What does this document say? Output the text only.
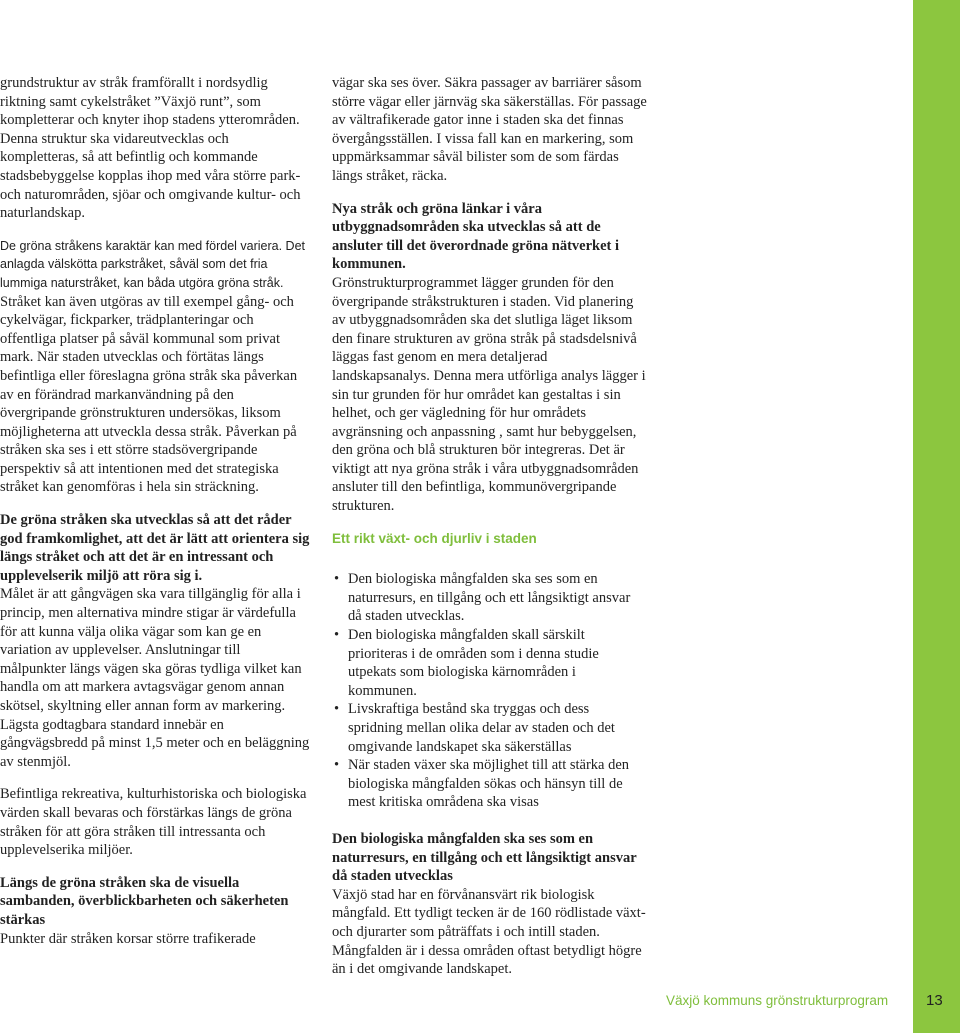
grundstruktur av stråk framförallt i nordsydlig riktning samt cykelstråket ”Växjö runt”, som kompletterar och knyter ihop stadens ytterområden. Denna struktur ska vidareutvecklas och kompletteras, så att befintlig och kommande stadsbebyggelse kopplas ihop med våra större park- och naturområden, sjöar och omgivande kultur- och naturlandskap.

De gröna stråkens karaktär kan med fördel variera. Det anlagda välskötta parkstråket, såväl som det fria lummiga naturstråket, kan båda utgöra gröna stråk. Stråket kan även utgöras av till exempel gång- och cykelvägar, fickparker, trädplanteringar och offentliga platser på såväl kommunal som privat mark. När staden utvecklas och förtätas längs befintliga eller föreslagna gröna stråk ska påverkan av en förändrad markanvändning på den övergripande grönstrukturen undersökas, liksom möjligheterna att utveckla dessa stråk. Påverkan på stråken ska ses i ett större stadsövergripande perspektiv så att intentionen med det strategiska stråket kan genomföras i hela sin sträckning.

De gröna stråken ska utvecklas så att det råder god framkomlighet, att det är lätt att orientera sig längs stråket och att det är en intressant och upplevelserik miljö att röra sig i.
Målet är att gångvägen ska vara tillgänglig för alla i princip, men alternativa mindre stigar är värdefulla för att kunna välja olika vägar som kan ge en variation av upplevelser. Anslutningar till målpunkter längs vägen ska göras tydliga vilket kan handla om att markera avtagsvägar genom annan skötsel, skyltning eller annan form av markering. Lägsta godtagbara standard innebär en gångvägsbredd på minst 1,5 meter och en beläggning av stenmjöl.

Befintliga rekreativa, kulturhistoriska och biologiska värden skall bevaras och förstärkas längs de gröna stråken för att göra stråken till intressanta och upplevelserika miljöer.

Längs de gröna stråken ska de visuella sambanden, överblickbarheten och säkerheten stärkas
Punkter där stråken korsar större trafikerade

vägar ska ses över. Säkra passager av barriärer såsom större vägar eller järnväg ska säkerställas. För passage av vältrafikerade gator inne i staden ska det finnas övergångsställen. I vissa fall kan en markering, som uppmärksammar såväl bilister som de som färdas längs stråket, räcka.

Nya stråk och gröna länkar i våra utbyggnadsområden ska utvecklas så att de ansluter till det överordnade gröna nätverket i kommunen.
Grönstrukturprogrammet lägger grunden för den övergripande stråkstrukturen i staden. Vid planering av utbyggnadsområden ska det slutliga läget liksom den finare strukturen av gröna stråk på stadsdelsnivå läggas fast genom en mera detaljerad landskapsanalys. Denna mera utförliga analys lägger i sin tur grunden för hur området kan gestaltas i sin helhet, och ger vägledning för hur områdets avgränsning och anpassning , samt hur bebyggelsen, den gröna och blå strukturen bör integreras. Det är viktigt att nya gröna stråk i våra utbyggnadsområden ansluter till den befintliga, kommunövergripande strukturen.

Ett rikt växt- och djurliv i staden
• Den biologiska mångfalden ska ses som en naturresurs, en tillgång och ett långsiktigt ansvar då staden utvecklas.
• Den biologiska mångfalden skall särskilt prioriteras i de områden som i denna studie utpekats som biologiska kärnområden i kommunen.
• Livskraftiga bestånd ska tryggas och dess spridning mellan olika delar av staden och det omgivande landskapet ska säkerställas
• När staden växer ska möjlighet till att stärka den biologiska mångfalden sökas och hänsyn till de mest kritiska områdena ska visas

Den biologiska mångfalden ska ses som en naturresurs, en tillgång och ett långsiktigt ansvar då staden utvecklas
Växjö stad har en förvånansvärt rik biologisk mångfald. Ett tydligt tecken är de 160 rödlistade växt- och djurarter som påträffats i och intill staden. Mångfalden är i dessa områden oftast betydligt högre än i det omgivande landskapet.

Växjö kommuns grönstrukturprogram	13
